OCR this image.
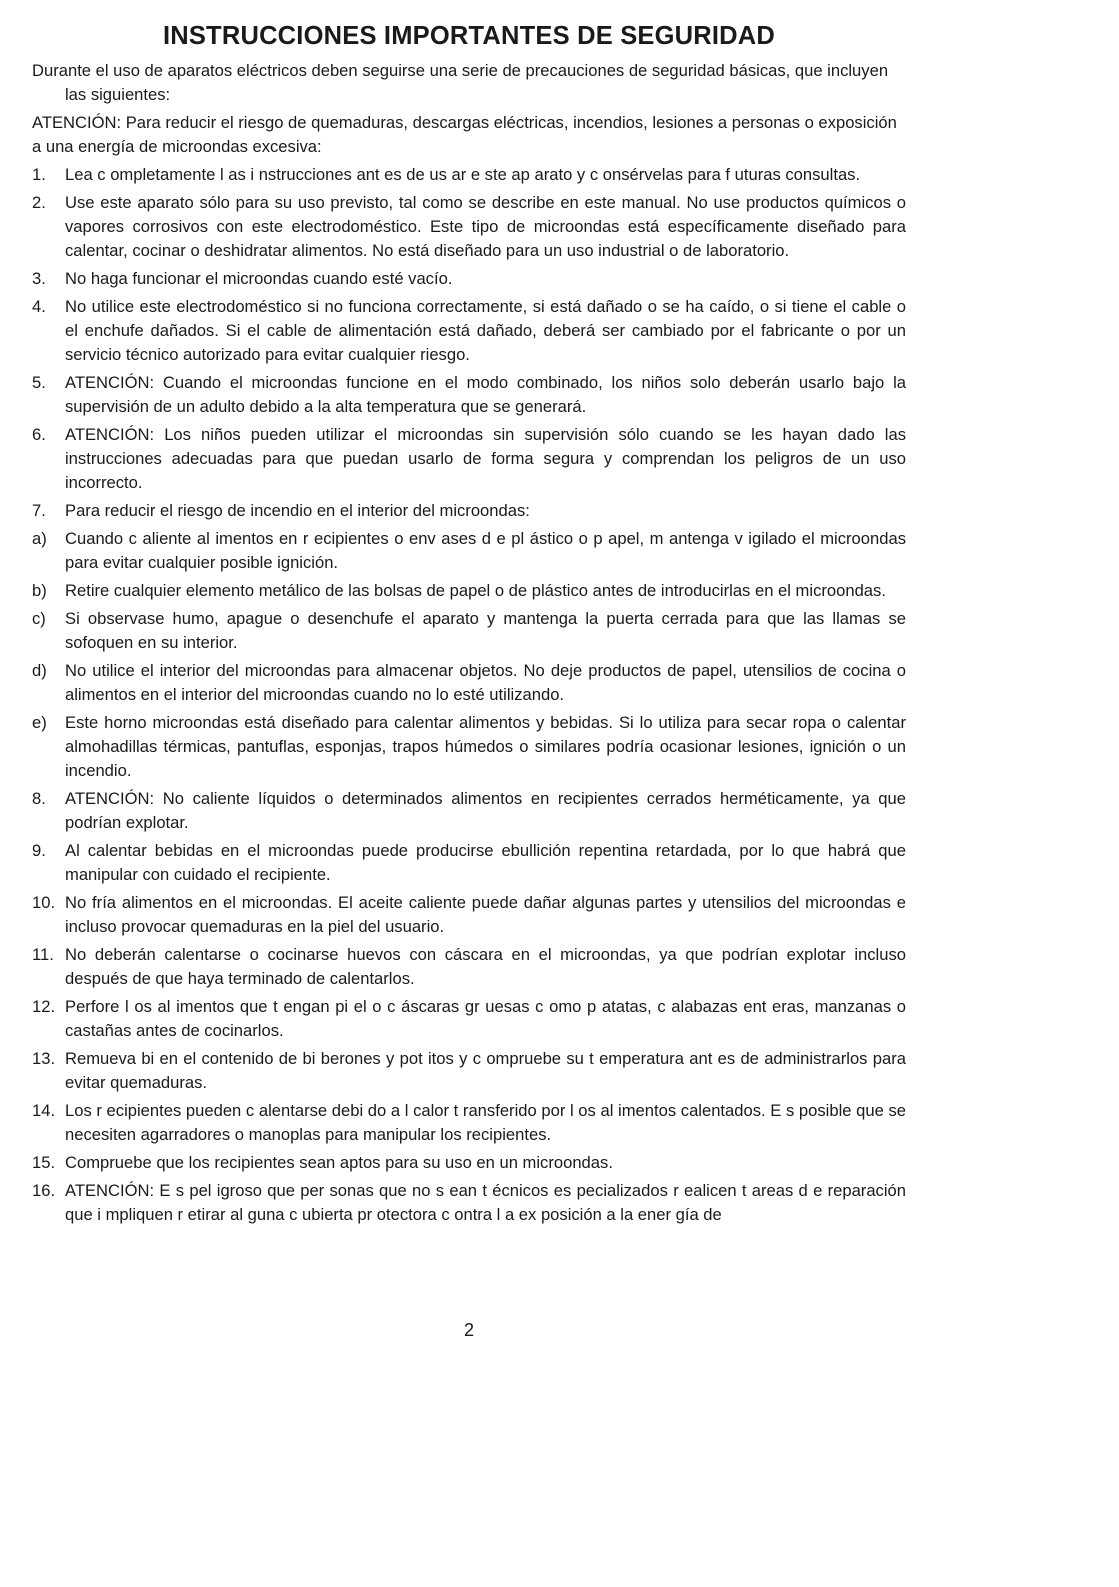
INSTRUCCIONES IMPORTANTES DE SEGURIDAD

Durante el uso de aparatos eléctricos deben seguirse una serie de precauciones de seguridad básicas, que incluyen las siguientes:

ATENCIÓN: Para reducir el riesgo de quemaduras, descargas eléctricas, incendios, lesiones a personas o exposición a una energía de microondas excesiva:

1.	Lea c ompletamente l as i nstrucciones ant es de us ar e ste ap arato y c onsérvelas para f uturas consultas.
2.	Use este aparato sólo para su uso previsto, tal como se describe en este manual. No use productos químicos o vapores corrosivos con este electrodoméstico. Este tipo de microondas está específicamente diseñado para calentar, cocinar o deshidratar alimentos. No está diseñado para un uso industrial o de laboratorio.
3.	No haga funcionar el microondas cuando esté vacío.
4.	No utilice este electrodoméstico si no funciona correctamente, si está dañado o se ha caído, o si tiene el cable o el enchufe dañados. Si el cable de alimentación está dañado, deberá ser cambiado por el fabricante o por un servicio técnico autorizado para evitar cualquier riesgo.
5.	ATENCIÓN: Cuando el microondas funcione en el modo combinado, los niños solo deberán usarlo bajo la supervisión de un adulto debido a la alta temperatura que se generará.
6.	ATENCIÓN: Los niños pueden utilizar el microondas sin supervisión sólo cuando se les hayan dado las instrucciones adecuadas para que puedan usarlo de forma segura y comprendan los peligros de un uso incorrecto.
7.	Para reducir el riesgo de incendio en el interior del microondas:
a)	Cuando c aliente al imentos en r ecipientes o env ases d e pl ástico o p apel, m antenga v igilado el microondas para evitar cualquier posible ignición.
b)	Retire cualquier elemento metálico de las bolsas de papel o de plástico antes de introducirlas en el microondas.
c)	Si observase humo, apague o desenchufe el aparato y mantenga la puerta cerrada para que las llamas se sofoquen en su interior.
d)	No utilice el interior del microondas para almacenar objetos. No deje productos de papel, utensilios de cocina o alimentos en el interior del microondas cuando no lo esté utilizando.
e)	Este horno microondas está diseñado para calentar alimentos y bebidas. Si lo utiliza para secar ropa o calentar almohadillas térmicas, pantuflas, esponjas, trapos húmedos o similares podría ocasionar lesiones, ignición o un incendio.
8.	ATENCIÓN: No caliente líquidos o determinados alimentos en recipientes cerrados herméticamente, ya que podrían explotar.
9.	Al calentar bebidas en el microondas puede producirse ebullición repentina retardada, por lo que habrá que manipular con cuidado el recipiente.
10. No fría alimentos en el microondas. El aceite caliente puede dañar algunas partes y utensilios del microondas e incluso provocar quemaduras en la piel del usuario.
11. No deberán calentarse o cocinarse huevos con cáscara en el microondas, ya que podrían explotar incluso después de que haya terminado de calentarlos.
12. Perfore l os al imentos que t engan pi el o c áscaras gr uesas c omo p atatas, c alabazas ent eras, manzanas o castañas antes de cocinarlos.
13. Remueva bi en el contenido de bi berones y pot itos y c ompruebe su t emperatura ant es de administrarlos para evitar quemaduras.
14. Los r ecipientes pueden c alentarse debi do a l calor t ransferido por l os al imentos calentados. E s posible que se necesiten agarradores o manoplas para manipular los recipientes.
15. Compruebe que los recipientes sean aptos para su uso en un microondas.
16. ATENCIÓN: E s pel igroso que per sonas que no s ean t écnicos es pecializados r ealicen t areas d e reparación que i mpliquen r etirar al guna c ubierta pr otectora c ontra l a ex posición a la ener gía de
2
